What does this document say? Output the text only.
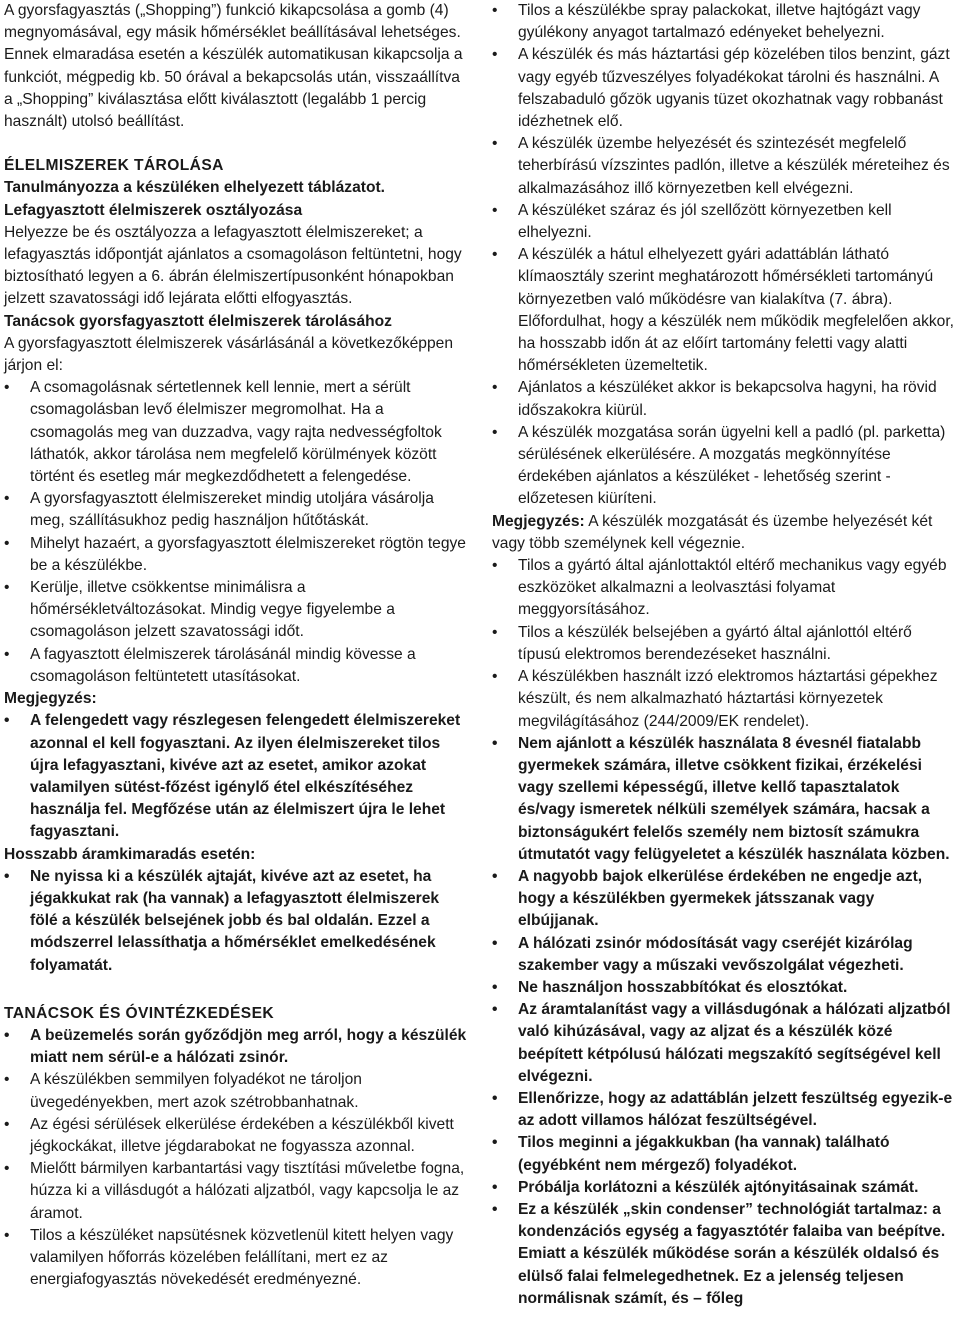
A gyorsfagyasztás („Shopping”) funkció kikapcsolása a gomb (4) megnyomásával, egy másik hőmérséklet beállításával lehetséges.

Ennek elmaradása esetén a készülék automatikusan kikapcsolja a funkciót, mégpedig kb. 50 órával a bekapcsolás után, visszaállítva a „Shopping” kiválasztása előtt kiválasztott (legalább 1 percig használt) utolsó beállítást.

ÉLELMISZEREK TÁROLÁSA

Tanulmányozza a készüléken elhelyezett táblázatot.

Lefagyasztott élelmiszerek osztályozása

Helyezze be és osztályozza a lefagyasztott élelmiszereket; a lefagyasztás időpontját ajánlatos a csomagoláson feltüntetni, hogy biztosítható legyen a 6. ábrán élelmiszertípusonként hónapokban jelzett szavatossági idő lejárata előtti elfogyasztás.

Tanácsok gyorsfagyasztott élelmiszerek tárolásához

A gyorsfagyasztott élelmiszerek vásárlásánál a következőképpen járjon el:

• A csomagolásnak sértetlennek kell lennie, mert a sérült csomagolásban levő élelmiszer megromolhat. Ha a csomagolás meg van duzzadva, vagy rajta nedvességfoltok láthatók, akkor tárolása nem megfelelő körülmények között történt és esetleg már megkezdődhetett a felengedése.
• A gyorsfagyasztott élelmiszereket mindig utoljára vásárolja meg, szállításukhoz pedig használjon hűtőtáskát.
• Mihelyt hazaért, a gyorsfagyasztott élelmiszereket rögtön tegye be a készülékbe.
• Kerülje, illetve csökkentse minimálisra a hőmérsékletváltozásokat. Mindig vegye figyelembe a csomagoláson jelzett szavatossági időt.
• A fagyasztott élelmiszerek tárolásánál mindig kövesse a csomagoláson feltüntetett utasításokat.

Megjegyzés:

• A felengedett vagy részlegesen felengedett élelmiszereket azonnal el kell fogyasztani. Az ilyen élelmiszereket tilos újra lefagyasztani, kivéve azt az esetet, amikor azokat valamilyen sütést-főzést igénylő étel elkészítéséhez használja fel. Megfőzése után az élelmiszert újra le lehet fagyasztani.

Hosszabb áramkimaradás esetén:

• Ne nyissa ki a készülék ajtaját, kivéve azt az esetet, ha jégakkukat rak (ha vannak) a lefagyasztott élelmiszerek fölé a készülék belsejének jobb és bal oldalán. Ezzel a módszerrel lelassíthatja a hőmérséklet emelkedésének folyamatát.

TANÁCSOK ÉS ÓVINTÉZKEDÉSEK

• A beüzemelés során győződjön meg arról, hogy a készülék miatt nem sérül-e a hálózati zsinór.
• A készülékben semmilyen folyadékot ne tároljon üvegedényekben, mert azok szétrobbanhatnak.
• Az égési sérülések elkerülése érdekében a készülékből kivett jégkockákat, illetve jégdarabokat ne fogyassza azonnal.
• Mielőtt bármilyen karbantartási vagy tisztítási műveletbe fogna, húzza ki a villásdugót a hálózati aljzatból, vagy kapcsolja le az áramot.
• Tilos a készüléket napsütésnek közvetlenül kitett helyen vagy valamilyen hőforrás közelében felállítani, mert ez az energiafogyasztás növekedését eredményezné.
• Tilos a készülékbe spray palackokat, illetve hajtógázt vagy gyúlékony anyagot tartalmazó edényeket behelyezni.
• A készülék és más háztartási gép közelében tilos benzint, gázt vagy egyéb tűzveszélyes folyadékokat tárolni és használni. A felszabaduló gőzök ugyanis tüzet okozhatnak vagy robbanást idézhetnek elő.
• A készülék üzembe helyezését és szintezését megfelelő teherbírású vízszintes padlón, illetve a készülék méreteihez és alkalmazásához illő környezetben kell elvégezni.
• A készüléket száraz és jól szellőzött környezetben kell elhelyezni.
• A készülék a hátul elhelyezett gyári adattáblán látható klímaosztály szerint meghatározott hőmérsékleti tartományú környezetben való működésre van kialakítva (7. ábra). Előfordulhat, hogy a készülék nem működik megfelelően akkor, ha hosszabb időn át az előírt tartomány feletti vagy alatti hőmérsékleten üzemeltetik.
• Ajánlatos a készüléket akkor is bekapcsolva hagyni, ha rövid időszakokra kiürül.
• A készülék mozgatása során ügyelni kell a padló (pl. parketta) sérülésének elkerülésére. A mozgatás megkönnyítése érdekében ajánlatos a készüléket - lehetőség szerint - előzetesen kiüríteni.

Megjegyzés: A készülék mozgatását és üzembe helyezését két vagy több személynek kell végeznie.

• Tilos a gyártó által ajánlottaktól eltérő mechanikus vagy egyéb eszközöket alkalmazni a leolvasztási folyamat meggyorsításához.
• Tilos a készülék belsejében a gyártó által ajánlottól eltérő típusú elektromos berendezéseket használni.
• A készülékben használt izzó elektromos háztartási gépekhez készült, és nem alkalmazható háztartási környezetek megvilágításához (244/2009/EK rendelet).
• Nem ajánlott a készülék használata 8 évesnél fiatalabb gyermekek számára, illetve csökkent fizikai, érzékelési vagy szellemi képességű, illetve kellő tapasztalatok és/vagy ismeretek nélküli személyek számára, hacsak a biztonságukért felelős személy nem biztosít számukra útmutatót vagy felügyeletet a készülék használata közben.
• A nagyobb bajok elkerülése érdekében ne engedje azt, hogy a készülékben gyermekek játsszanak vagy elbújjanak.
• A hálózati zsinór módosítását vagy cseréjét kizárólag szakember vagy a műszaki vevőszolgálat végezheti.
• Ne használjon hosszabbítókat és elosztókat.
• Az áramtalanítást vagy a villásdugónak a hálózati aljzatból való kihúzásával, vagy az aljzat és a készülék közé beépített kétpólusú hálózati megszakító segítségével kell elvégezni.
• Ellenőrizze, hogy az adattáblán jelzett feszültség egyezik-e az adott villamos hálózat feszültségével.
• Tilos meginni a jégakkukban (ha vannak) található (egyébként nem mérgező) folyadékot.
• Próbálja korlátozni a készülék ajtónyitásainak számát.
• Ez a készülék „skin condenser” technológiát tartalmaz: a kondenzációs egység a fagyasztótér falaiba van beépítve. Emiatt a készülék működése során a készülék oldalsó és elülső falai felmelegedhetnek. Ez a jelenség teljesen normálisnak számít, és – főleg
